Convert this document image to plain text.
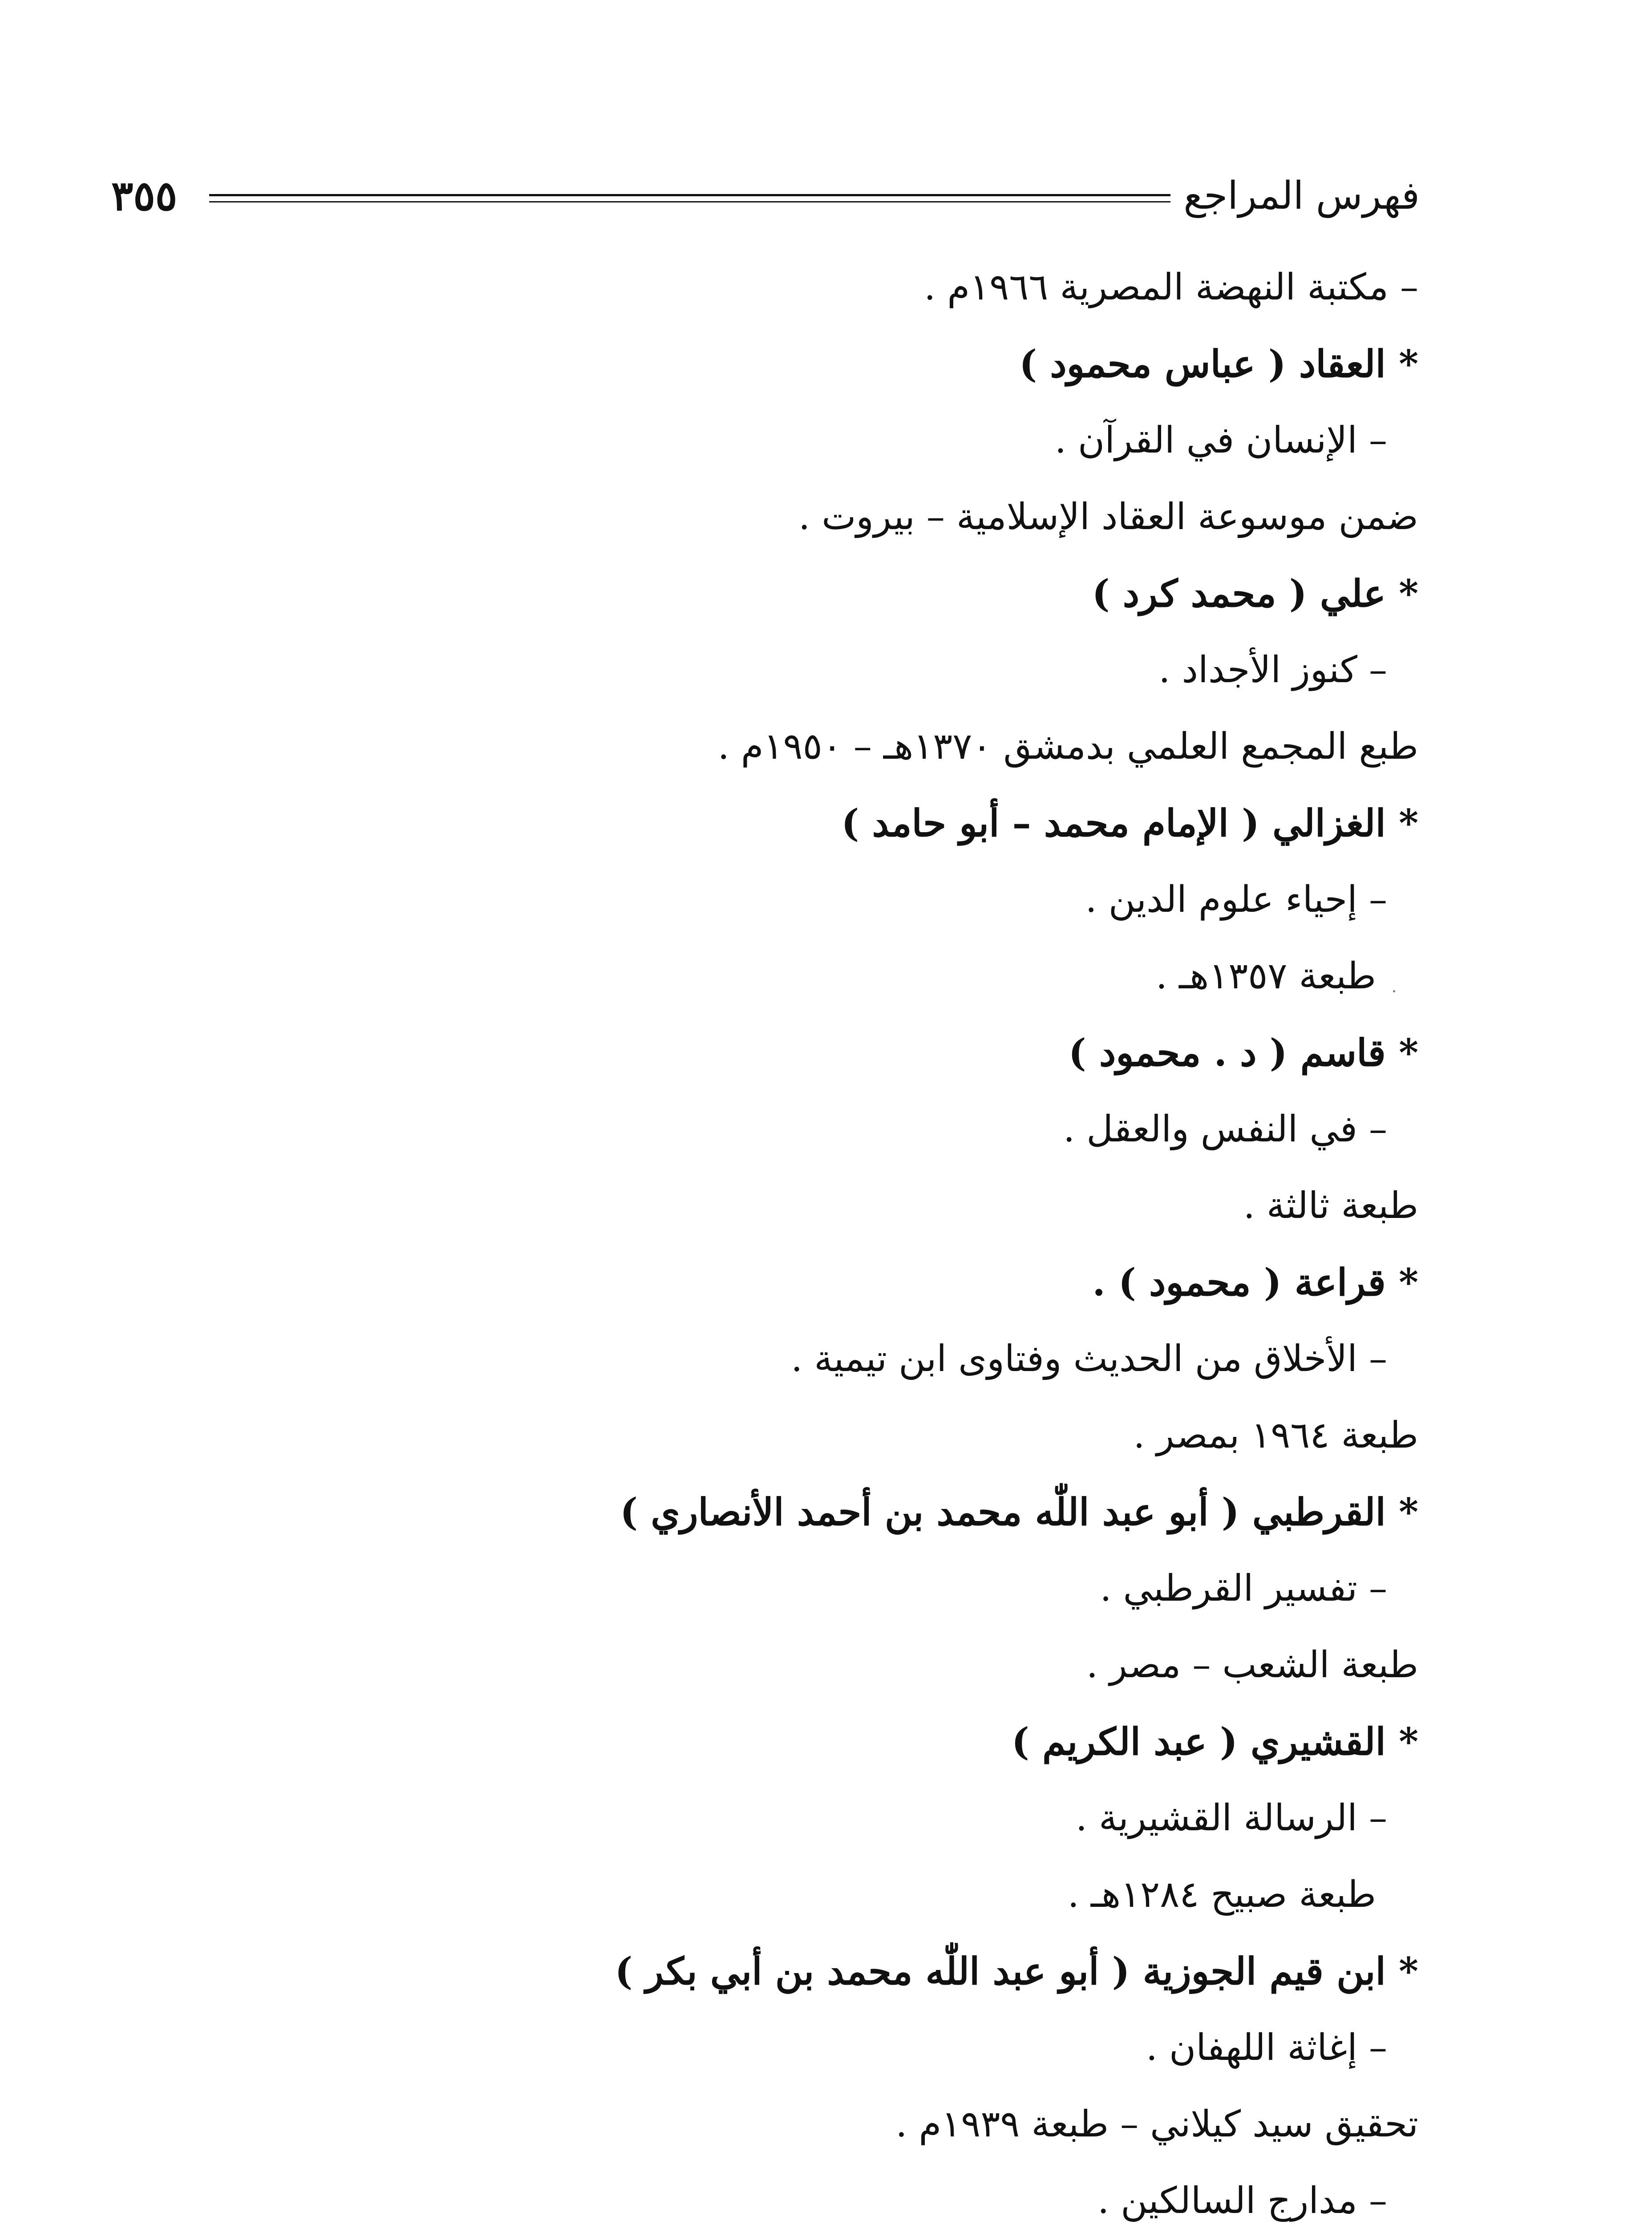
فهرس المراجع
٣٥٥
– مكتبة النهضة المصرية ١٩٦٦م .
* العقاد ( عباس محمود )
– الإنسان في القرآن .
ضمن موسوعة العقاد الإسلامية – بيروت .
* علي ( محمد كرد )
– كنوز الأجداد .
طبع المجمع العلمي بدمشق ١٣٧٠هـ – ١٩٥٠م .
* الغزالي ( الإمام محمد – أبو حامد )
– إحياء علوم الدين .
طبعة ١٣٥٧هـ .
* قاسم ( د . محمود )
– في النفس والعقل .
طبعة ثالثة .
* قراعة ( محمود ) .
– الأخلاق من الحديث وفتاوى ابن تيمية .
طبعة ١٩٦٤ بمصر .
* القرطبي ( أبو عبد اللّٰه محمد بن أحمد الأنصاري )
– تفسير القرطبي .
طبعة الشعب – مصر .
* القشيري ( عبد الكريم )
– الرسالة القشيرية .
طبعة صبيح ١٢٨٤هـ .
* ابن قيم الجوزية ( أبو عبد اللّٰه محمد بن أبي بكر )
– إغاثة اللهفان .
تحقيق سيد كيلاني – طبعة ١٩٣٩م .
– مدارج السالكين .
